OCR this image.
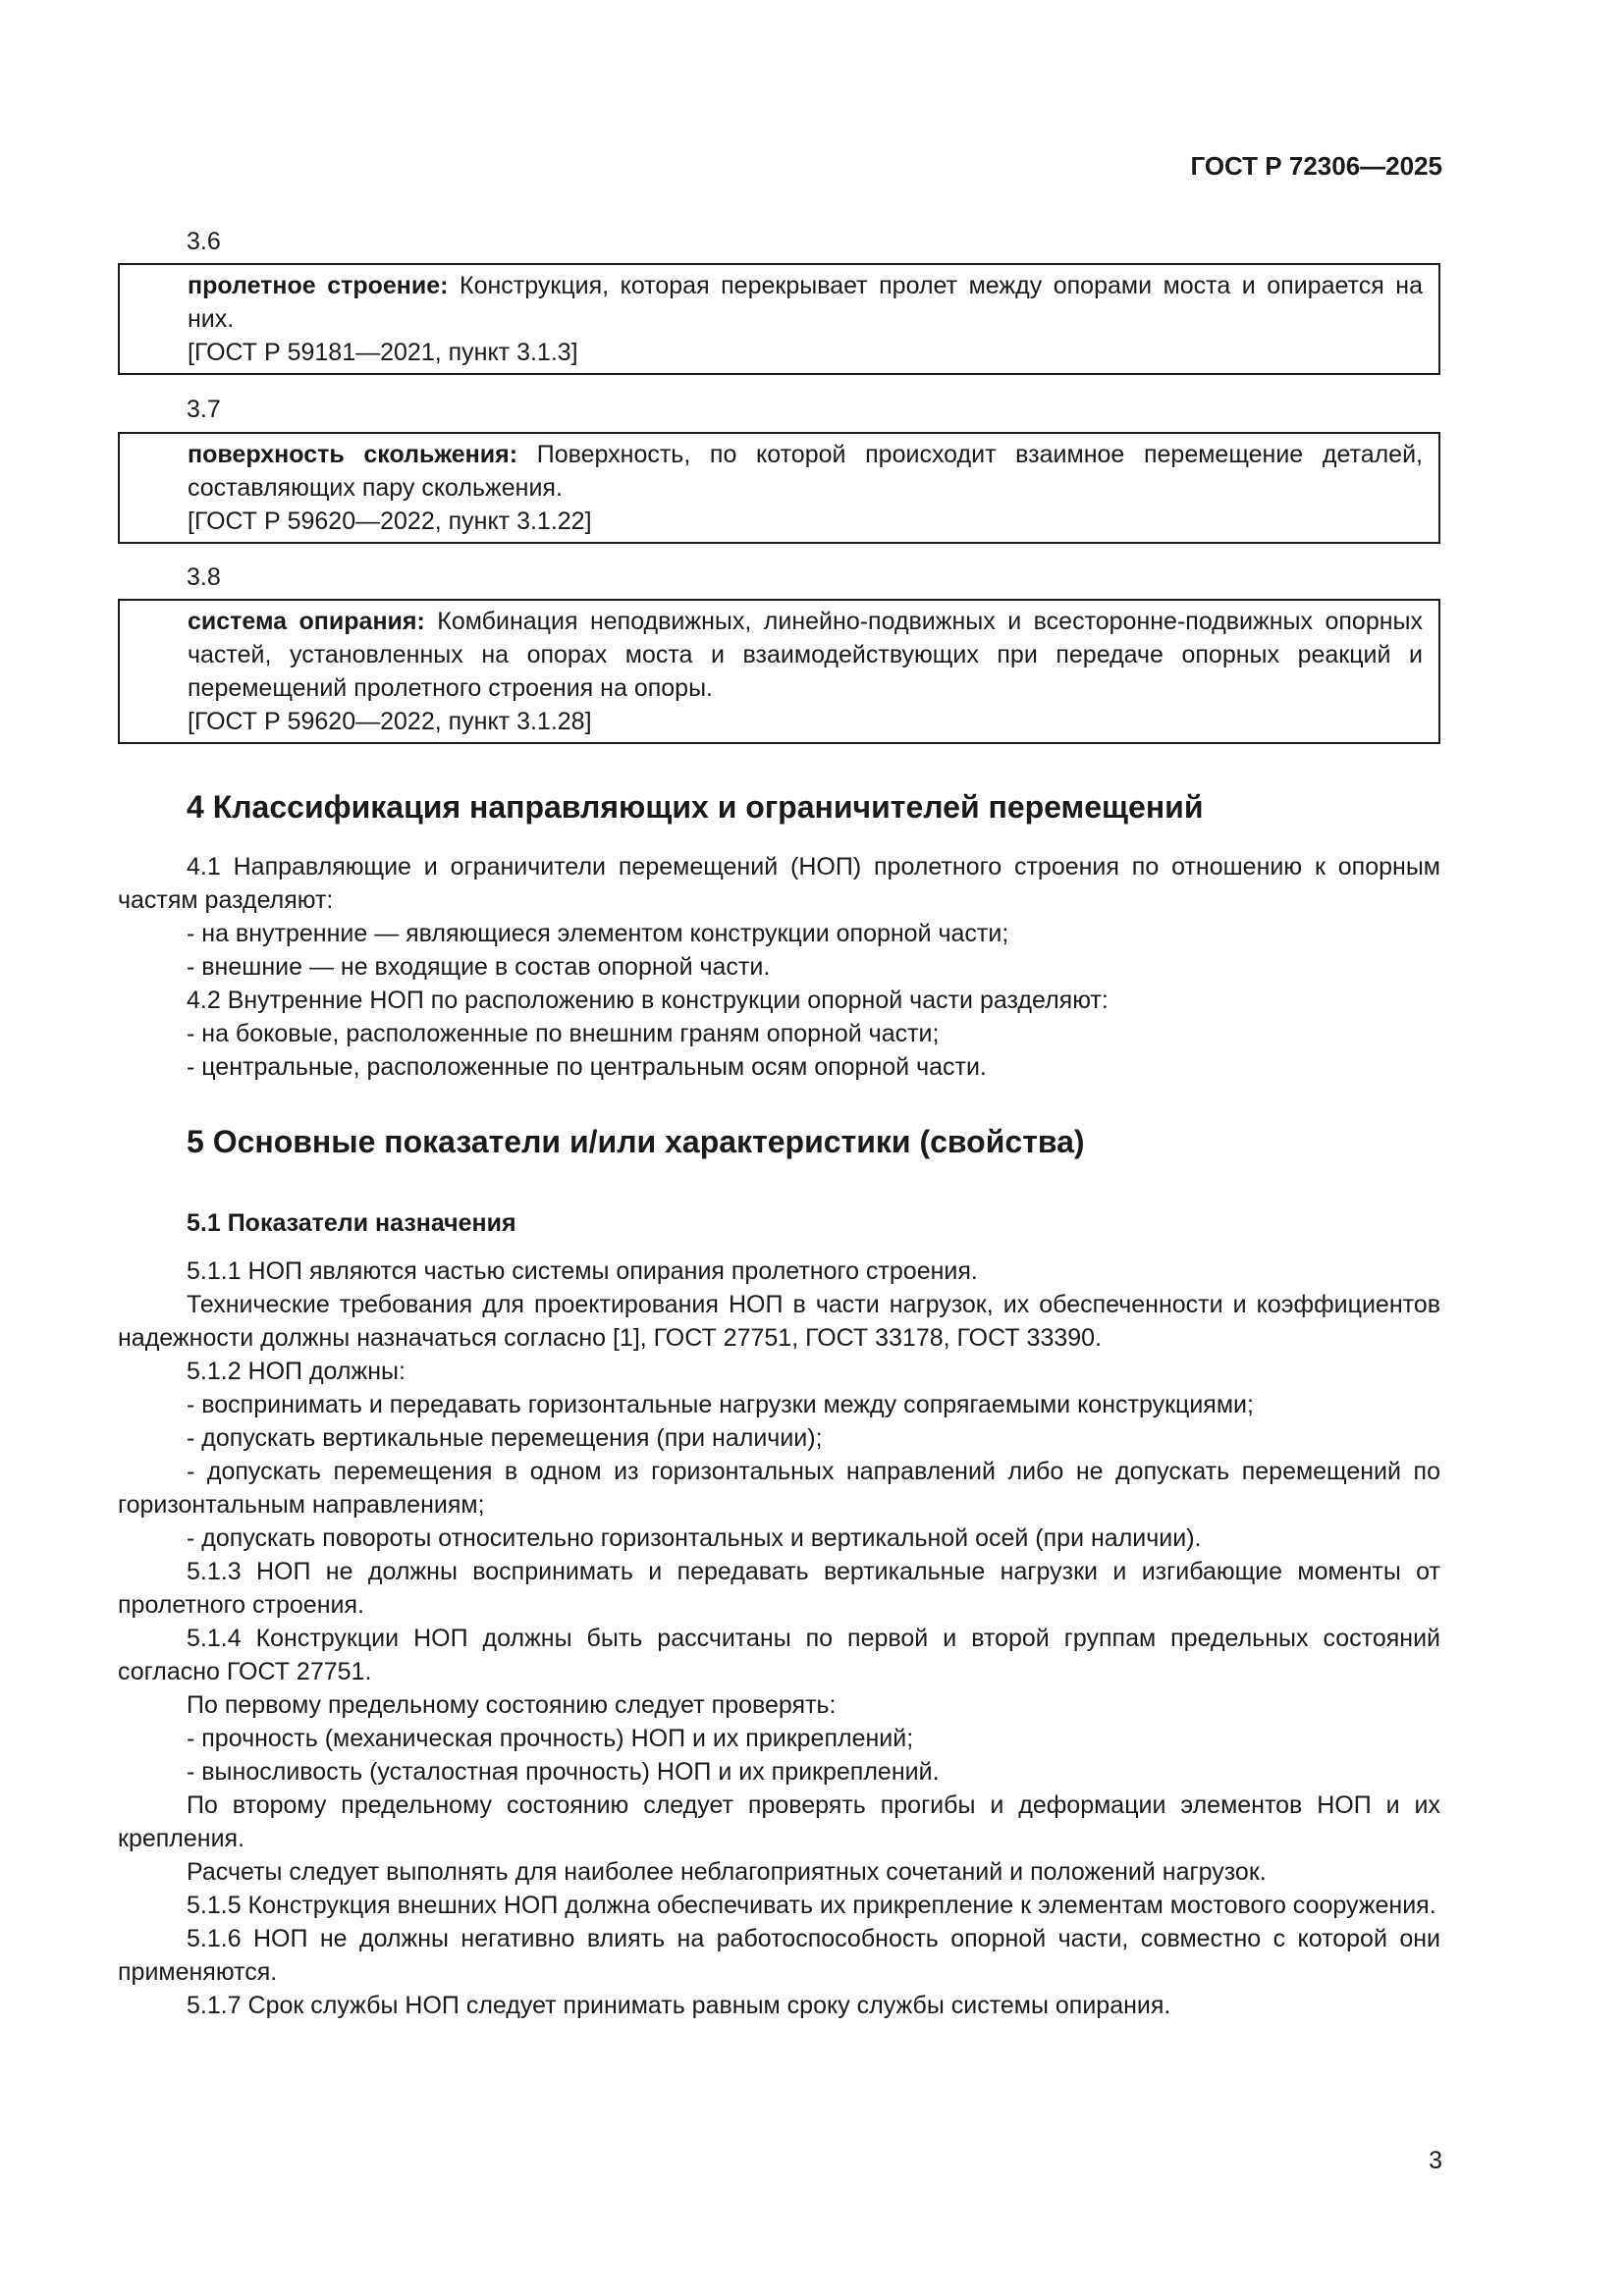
ГОСТ Р 72306—2025
3.6
пролетное строение: Конструкция, которая перекрывает пролет между опорами моста и опирается на них.
[ГОСТ Р 59181—2021, пункт 3.1.3]
3.7
поверхность скольжения: Поверхность, по которой происходит взаимное перемещение деталей, составляющих пару скольжения.
[ГОСТ Р 59620—2022, пункт 3.1.22]
3.8
система опирания: Комбинация неподвижных, линейно-подвижных и всесторонне-подвижных опорных частей, установленных на опорах моста и взаимодействующих при передаче опорных реакций и перемещений пролетного строения на опоры.
[ГОСТ Р 59620—2022, пункт 3.1.28]
4 Классификация направляющих и ограничителей перемещений

4.1 Направляющие и ограничители перемещений (НОП) пролетного строения по отношению к опорным частям разделяют:

- на внутренние — являющиеся элементом конструкции опорной части;

- внешние — не входящие в состав опорной части.

4.2 Внутренние НОП по расположению в конструкции опорной части разделяют:

- на боковые, расположенные по внешним граням опорной части;

- центральные, расположенные по центральным осям опорной части.

5 Основные показатели и/или характеристики (свойства)
5.1 Показатели назначения

5.1.1 НОП являются частью системы опирания пролетного строения.

Технические требования для проектирования НОП в части нагрузок, их обеспеченности и коэффициентов надежности должны назначаться согласно [1], ГОСТ 27751, ГОСТ 33178, ГОСТ 33390.

5.1.2 НОП должны:

- воспринимать и передавать горизонтальные нагрузки между сопрягаемыми конструкциями;

- допускать вертикальные перемещения (при наличии);

- допускать перемещения в одном из горизонтальных направлений либо не допускать перемещений по горизонтальным направлениям;

- допускать повороты относительно горизонтальных и вертикальной осей (при наличии).

5.1.3 НОП не должны воспринимать и передавать вертикальные нагрузки и изгибающие моменты от пролетного строения.

5.1.4 Конструкции НОП должны быть рассчитаны по первой и второй группам предельных состояний согласно ГОСТ 27751.

По первому предельному состоянию следует проверять:

- прочность (механическая прочность) НОП и их прикреплений;

- выносливость (усталостная прочность) НОП и их прикреплений.

По второму предельному состоянию следует проверять прогибы и деформации элементов НОП и их крепления.

Расчеты следует выполнять для наиболее неблагоприятных сочетаний и положений нагрузок.

5.1.5 Конструкция внешних НОП должна обеспечивать их прикрепление к элементам мостового сооружения.

5.1.6 НОП не должны негативно влиять на работоспособность опорной части, совместно с которой они применяются.

5.1.7 Срок службы НОП следует принимать равным сроку службы системы опирания.

3
